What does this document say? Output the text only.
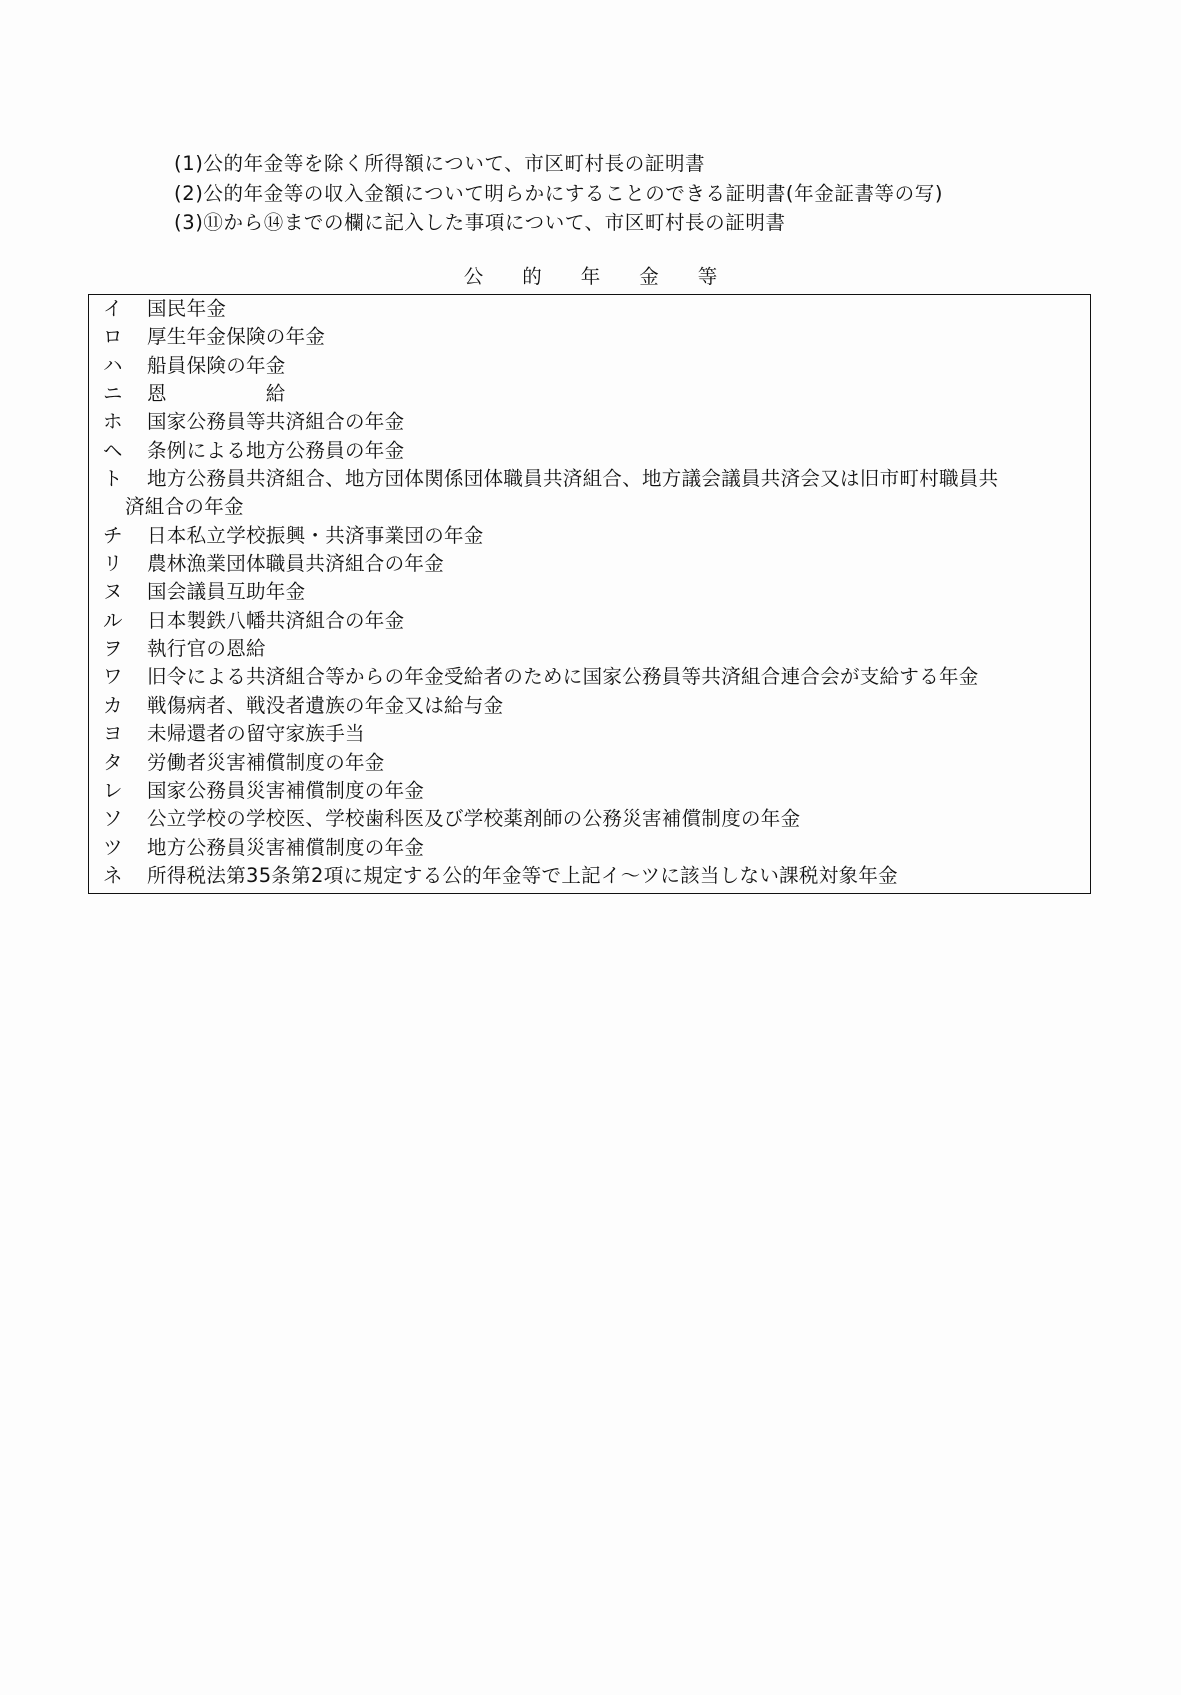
(1)公的年金等を除く所得額について、市区町村長の証明書
(2)公的年金等の収入金額について明らかにすることのできる証明書(年金証書等の写)
(3)⑪から⑭までの欄に記入した事項について、市区町村長の証明書
公　　的　　年　　金　　等
イ	国民年金
ロ	厚生年金保険の年金
ハ	船員保険の年金
ニ	恩　　　　　給
ホ	国家公務員等共済組合の年金
ヘ	条例による地方公務員の年金
ト	地方公務員共済組合、地方団体関係団体職員共済組合、地方議会議員共済会又は旧市町村職員共
済組合の年金
チ	日本私立学校振興・共済事業団の年金
リ	農林漁業団体職員共済組合の年金
ヌ	国会議員互助年金
ル	日本製鉄八幡共済組合の年金
ヲ	執行官の恩給
ワ	旧令による共済組合等からの年金受給者のために国家公務員等共済組合連合会が支給する年金
カ	戦傷病者、戦没者遺族の年金又は給与金
ヨ	未帰還者の留守家族手当
タ	労働者災害補償制度の年金
レ	国家公務員災害補償制度の年金
ソ	公立学校の学校医、学校歯科医及び学校薬剤師の公務災害補償制度の年金
ツ	地方公務員災害補償制度の年金
ネ	所得税法第35条第2項に規定する公的年金等で上記イ～ツに該当しない課税対象年金
